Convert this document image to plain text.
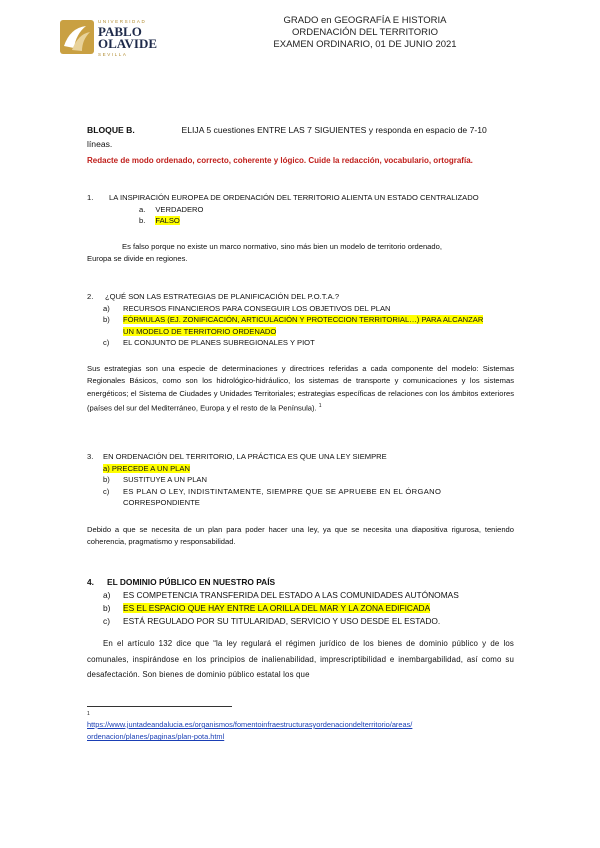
UNIVERSIDAD
PABLO
OLAVIDE
SEVILLA
GRADO en GEOGRAFÍA E HISTORIA
ORDENACIÓN DEL TERRITORIO
EXAMEN ORDINARIO, 01 DE JUNIO 2021
BLOQUE B.	ELIJA 5 cuestiones ENTRE LAS 7 SIGUIENTES y responda en espacio de 7-10
líneas.
Redacte de modo ordenado, correcto, coherente y lógico. Cuide la redacción, vocabulario, ortografía.
1. LA INSPIRACIÓN EUROPEA DE ORDENACIÓN DEL TERRITORIO ALIENTA UN ESTADO CENTRALIZADO
a. VERDADERO
b. FALSO
Es falso porque no existe un marco normativo, sino más bien un modelo de territorio ordenado,
Europa se divide en regiones.
2. ¿QUÉ SON LAS ESTRATEGIAS DE PLANIFICACIÓN DEL P.O.T.A.?
a) RECURSOS FINANCIEROS PARA CONSEGUIR LOS OBJETIVOS DEL PLAN
b) FÓRMULAS (EJ. ZONIFICACIÓN, ARTICULACIÓN Y PROTECCION TERRITORIAL…) PARA ALCANZAR
UN MODELO DE TERRITORIO ORDENADO
c) EL CONJUNTO DE PLANES SUBREGIONALES Y PIOT
Sus estrategias son una especie de determinaciones y directrices referidas a cada componente del modelo: Sistemas Regionales Básicos, como son los hidrológico-hidráulico, los sistemas de transporte y comunicaciones y los sistemas energéticos; el Sistema de Ciudades y Unidades Territoriales; estrategias específicas de relaciones con los ámbitos exteriores (países del sur del Mediterráneo, Europa y el resto de la Península). $^1$
3. EN ORDENACIÓN DEL TERRITORIO, LA PRÁCTICA ES QUE UNA LEY SIEMPRE
a) PRECEDE A UN PLAN
b) SUSTITUYE A UN PLAN
c) ES PLAN O LEY, INDISTINTAMENTE, SIEMPRE QUE SE APRUEBE EN EL ÓRGANO
CORRESPONDIENTE
Debido a que se necesita de un plan para poder hacer una ley, ya que se necesita una diapositiva rigurosa, teniendo coherencia, pragmatismo y responsabilidad.
4. EL DOMINIO PÚBLICO EN NUESTRO PAÍS
a) ES COMPETENCIA TRANSFERIDA DEL ESTADO A LAS COMUNIDADES AUTÓNOMAS
b) ES EL ESPACIO QUE HAY ENTRE LA ORILLA DEL MAR Y LA ZONA EDIFICADA
c) ESTÁ REGULADO POR SU TITULARIDAD, SERVICIO Y USO DESDE EL ESTADO.
En el artículo 132 dice que “la ley regulará el régimen jurídico de los bienes de dominio público y de los comunales, inspirándose en los principios de inalienabilidad, imprescriptibilidad e inembargabilidad, así como su desafectación. Son bienes de dominio público estatal los que
1
https://www.juntadeandalucia.es/organismos/fomentoinfraestructurasyordenaciondelterritorio/areas/
ordenacion/planes/paginas/plan-pota.html
